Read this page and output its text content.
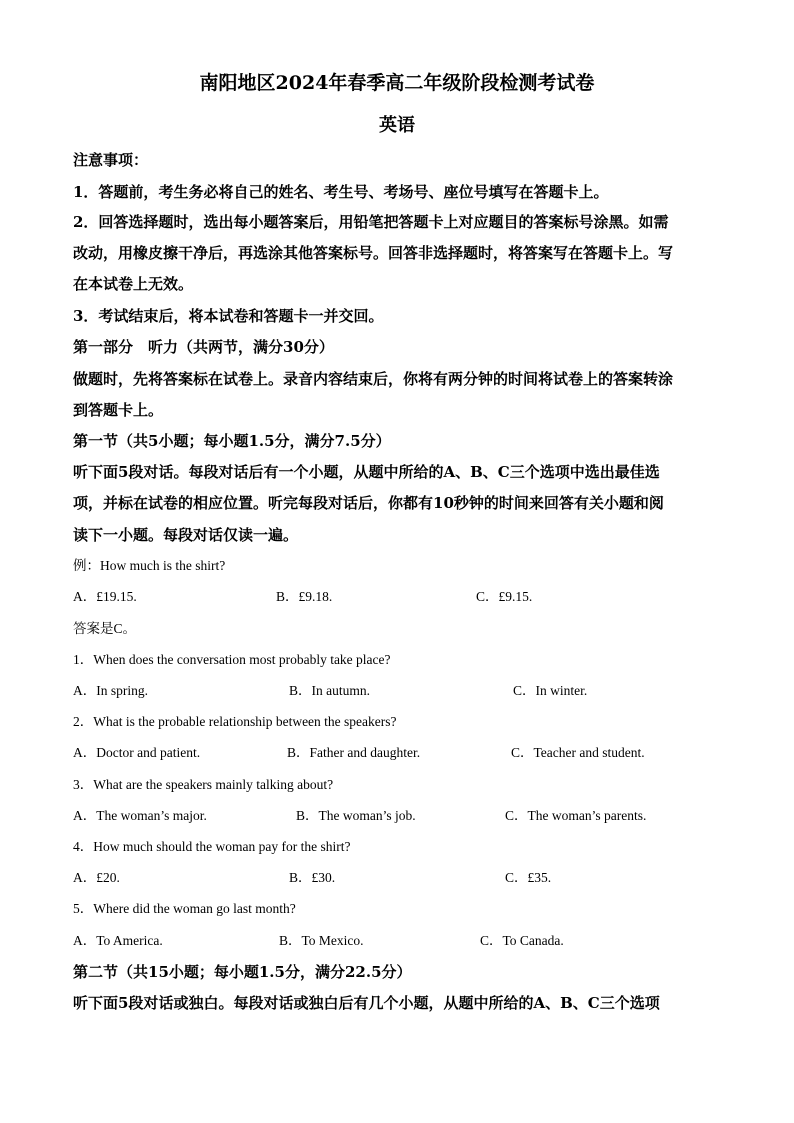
南阳地区2024年春季高二年级阶段检测考试卷
英语
注意事项：
1．答题前，考生务必将自己的姓名、考生号、考场号、座位号填写在答题卡上。
2．回答选择题时，选出每小题答案后，用铅笔把答题卡上对应题目的答案标号涂黑。如需
改动，用橡皮擦干净后，再选涂其他答案标号。回答非选择题时，将答案写在答题卡上。写
在本试卷上无效。
3．考试结束后，将本试卷和答题卡一并交回。
第一部分　听力（共两节，满分30分）
做题时，先将答案标在试卷上。录音内容结束后，你将有两分钟的时间将试卷上的答案转涂
到答题卡上。
第一节（共5小题；每小题1.5分，满分7.5分）
听下面5段对话。每段对话后有一个小题，从题中所给的A、B、C三个选项中选出最佳选
项，并标在试卷的相应位置。听完每段对话后，你都有10秒钟的时间来回答有关小题和阅
读下一小题。每段对话仅读一遍。
例：How much is the shirt?
A．£19.15.	B．£9.18.	C．£9.15.
答案是C。
1．When does the conversation most probably take place?
A．In spring.	B．In autumn.	C．In winter.
2．What is the probable relationship between the speakers?
A．Doctor and patient.	B．Father and daughter.	C．Teacher and student.
3．What are the speakers mainly talking about?
A．The woman’s major.	B．The woman’s job.	C．The woman’s parents.
4．How much should the woman pay for the shirt?
A．£20.	B．£30.	C．£35.
5．Where did the woman go last month?
A．To America.	B．To Mexico.	C．To Canada.
第二节（共15小题；每小题1.5分，满分22.5分）
听下面5段对话或独白。每段对话或独白后有几个小题，从题中所给的A、B、C三个选项
